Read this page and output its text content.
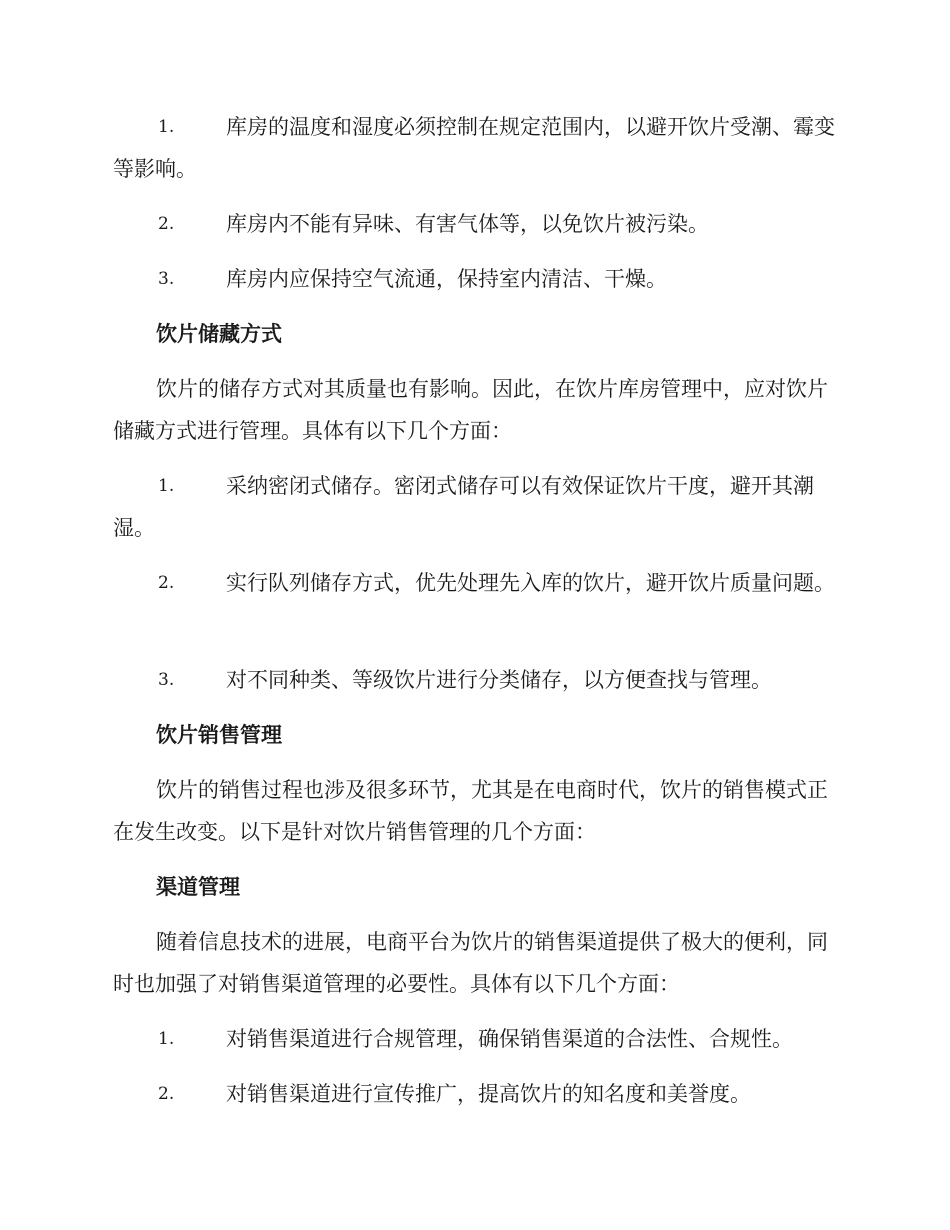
1. 库房的温度和湿度必须控制在规定范围内，以避开饮片受潮、霉变等影响。
2. 库房内不能有异味、有害气体等，以免饮片被污染。
3. 库房内应保持空气流通，保持室内清洁、干燥。
饮片储藏方式
饮片的储存方式对其质量也有影响。因此，在饮片库房管理中，应对饮片储藏方式进行管理。具体有以下几个方面：
1. 采纳密闭式储存。密闭式储存可以有效保证饮片干度，避开其潮湿。
2. 实行队列储存方式，优先处理先入库的饮片，避开饮片质量问题。
3. 对不同种类、等级饮片进行分类储存，以方便查找与管理。
饮片销售管理
饮片的销售过程也涉及很多环节，尤其是在电商时代，饮片的销售模式正在发生改变。以下是针对饮片销售管理的几个方面：
渠道管理
随着信息技术的进展，电商平台为饮片的销售渠道提供了极大的便利，同时也加强了对销售渠道管理的必要性。具体有以下几个方面：
1. 对销售渠道进行合规管理，确保销售渠道的合法性、合规性。
2. 对销售渠道进行宣传推广，提高饮片的知名度和美誉度。
